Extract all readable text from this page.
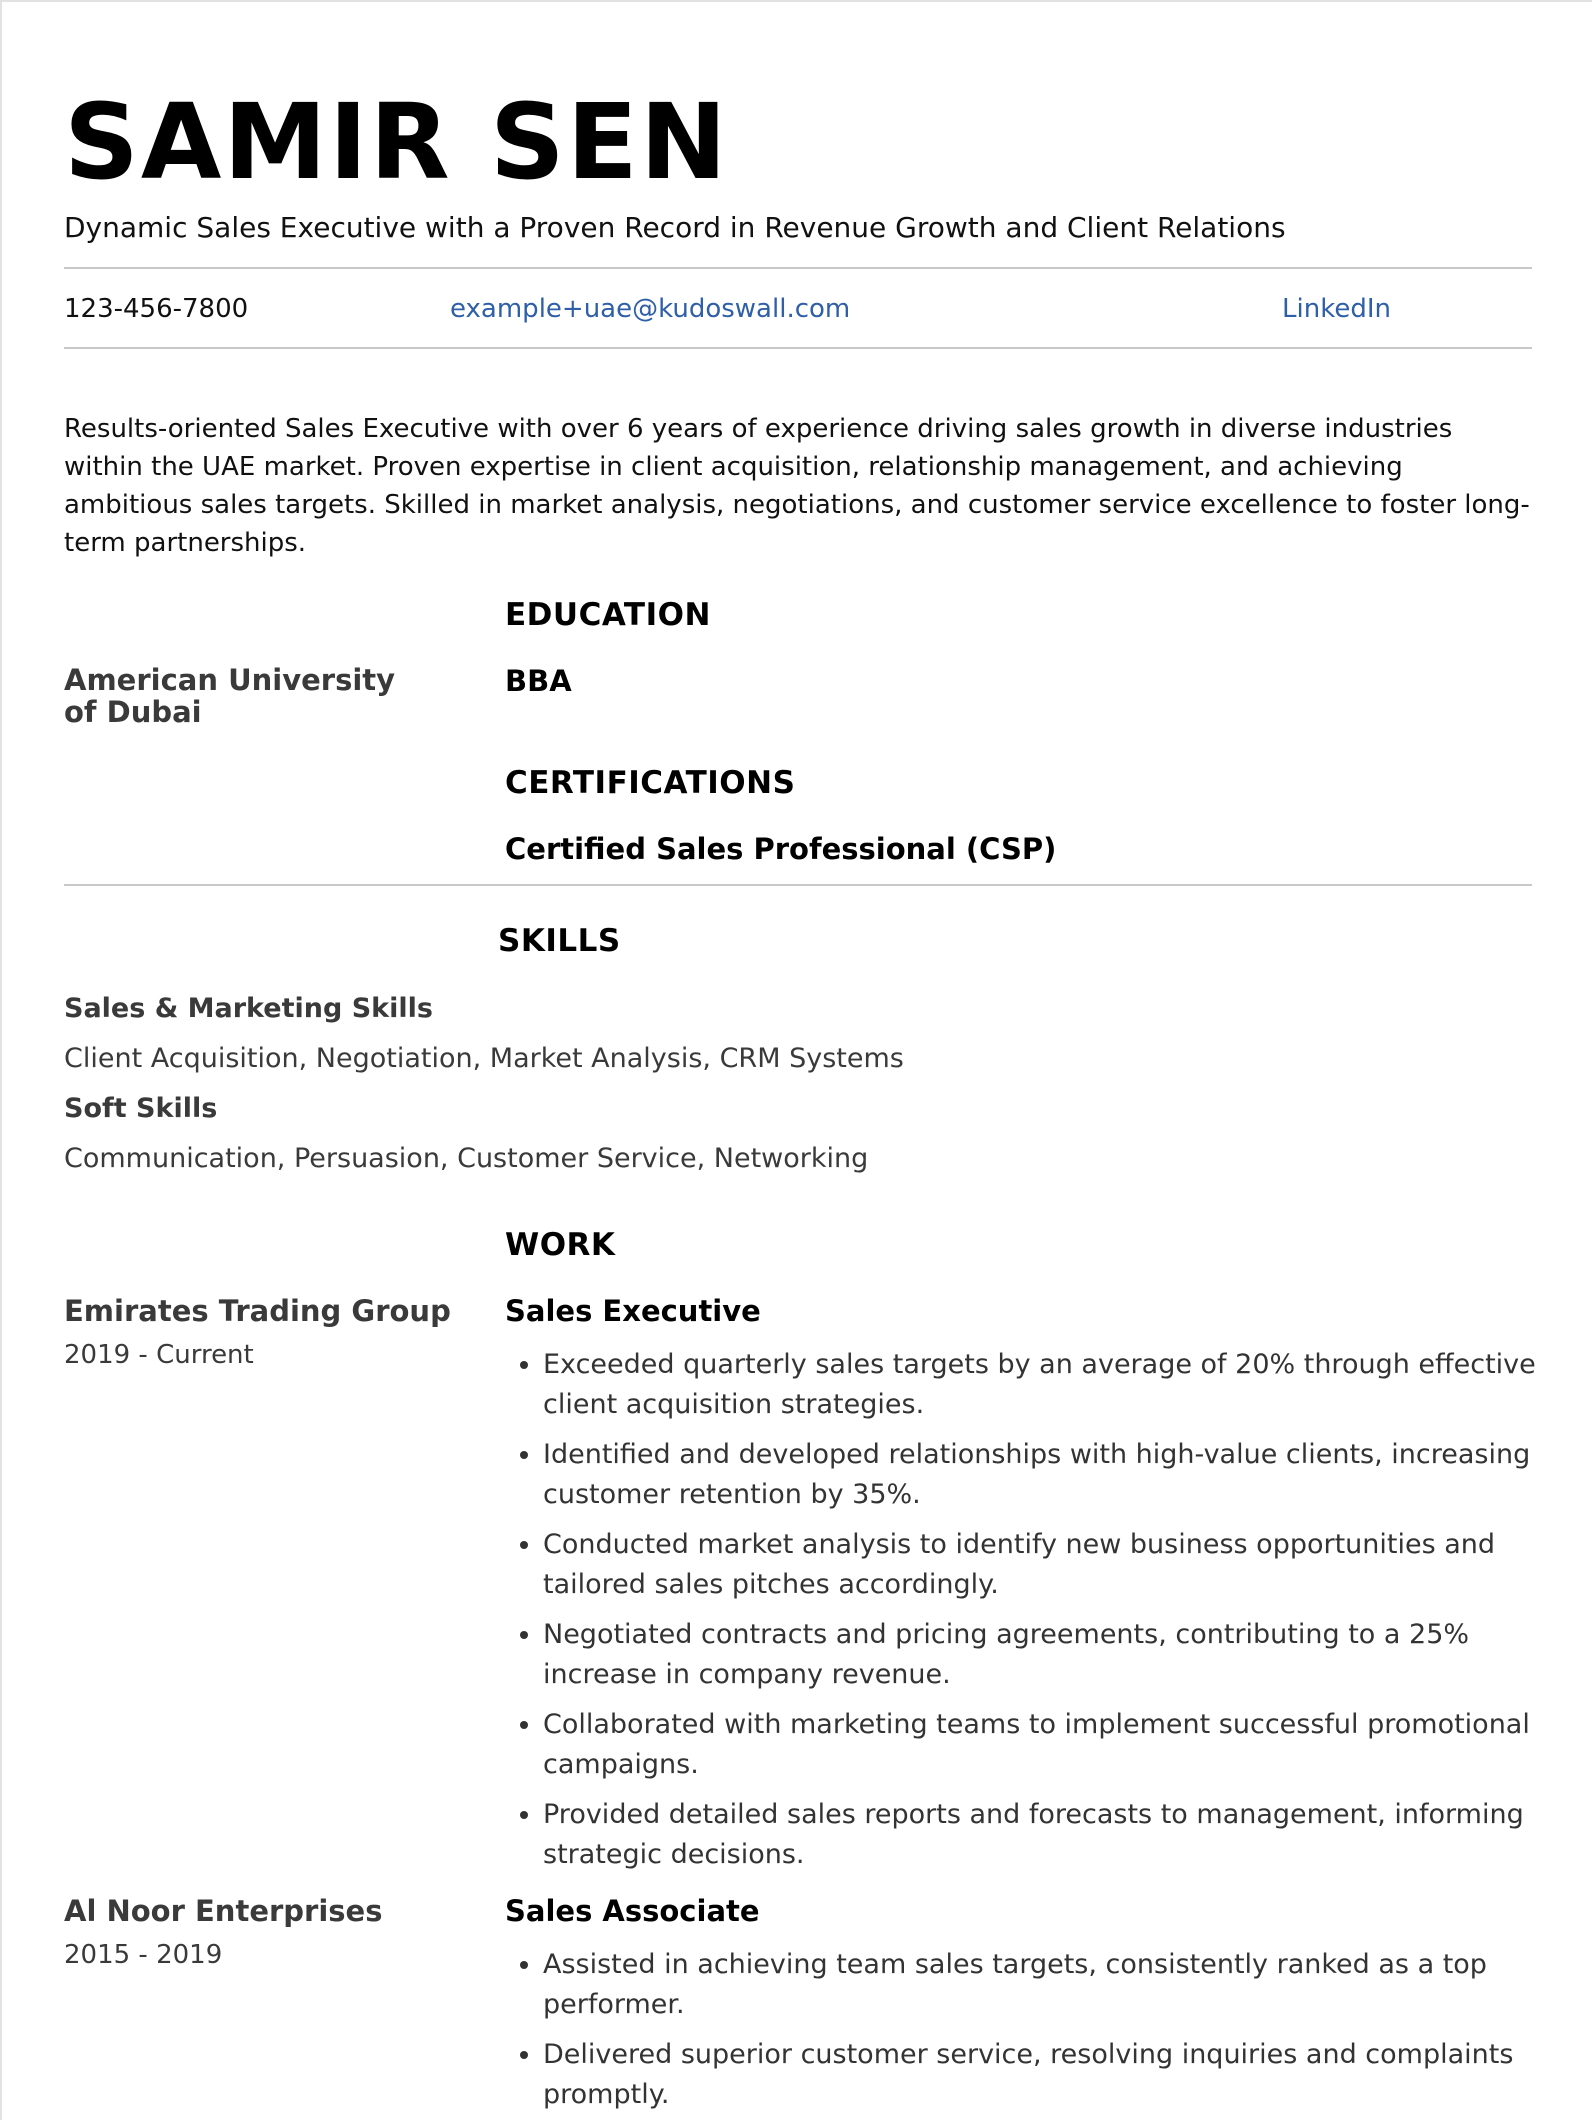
SAMIR SEN
Dynamic Sales Executive with a Proven Record in Revenue Growth and Client Relations
123-456-7800	example+uae@kudoswall.com	LinkedIn

Results-oriented Sales Executive with over 6 years of experience driving sales growth in diverse industries within the UAE market. Proven expertise in client acquisition, relationship management, and achieving ambitious sales targets. Skilled in market analysis, negotiations, and customer service excellence to foster long-term partnerships.

EDUCATION
American University of Dubai
BBA
CERTIFICATIONS
Certified Sales Professional (CSP)
SKILLS
Sales & Marketing Skills
Client Acquisition, Negotiation, Market Analysis, CRM Systems
Soft Skills
Communication, Persuasion, Customer Service, Networking
WORK
Emirates Trading Group
2019 - Current
Sales Executive
• Exceeded quarterly sales targets by an average of 20% through effective client acquisition strategies.
• Identified and developed relationships with high-value clients, increasing customer retention by 35%.
• Conducted market analysis to identify new business opportunities and tailored sales pitches accordingly.
• Negotiated contracts and pricing agreements, contributing to a 25% increase in company revenue.
• Collaborated with marketing teams to implement successful promotional campaigns.
• Provided detailed sales reports and forecasts to management, informing strategic decisions.
Al Noor Enterprises
2015 - 2019
Sales Associate
• Assisted in achieving team sales targets, consistently ranked as a top performer.
• Delivered superior customer service, resolving inquiries and complaints promptly.
